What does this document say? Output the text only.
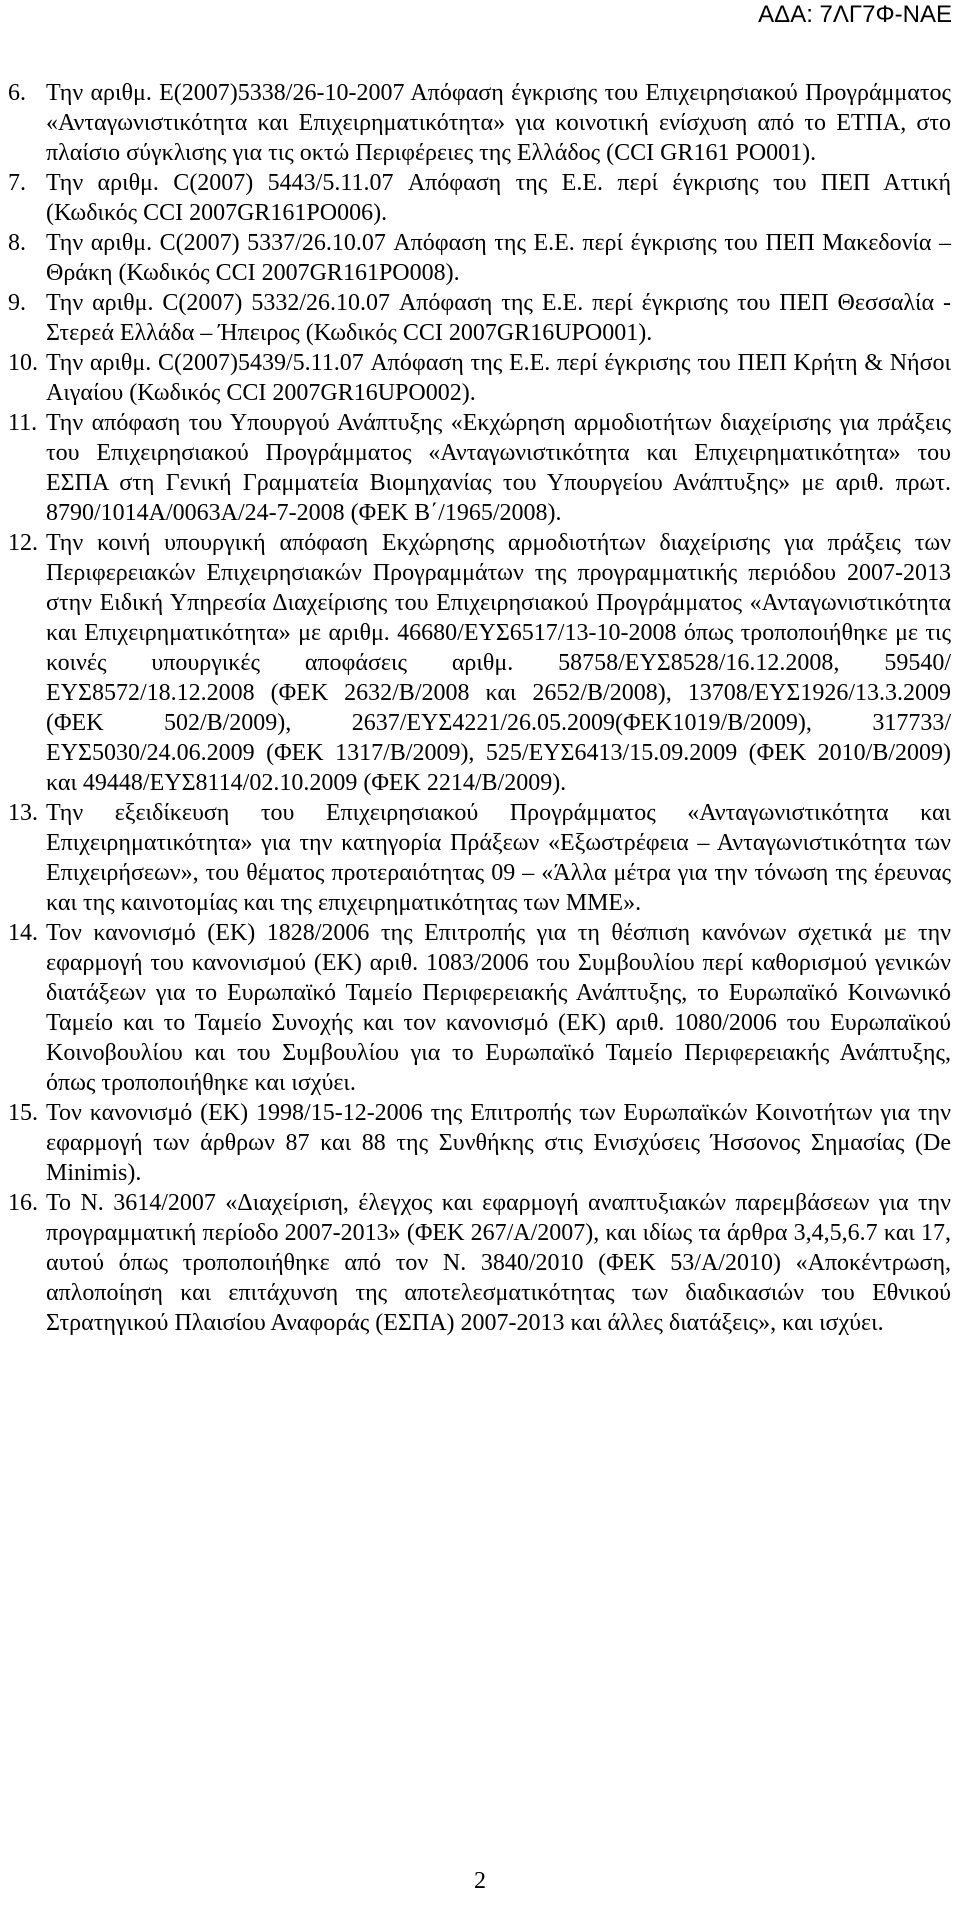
ΑΔΑ: 7ΛΓ7Φ-ΝΑΕ
6. Την αριθμ. Ε(2007)5338/26-10-2007 Απόφαση έγκρισης του Επιχειρησιακού Προγράμματος «Ανταγωνιστικότητα και Επιχειρηματικότητα» για κοινοτική ενίσχυση από το ΕΤΠΑ, στο πλαίσιο σύγκλισης για τις οκτώ Περιφέρειες της Ελλάδος (CCI GR161 PO001).
7. Την αριθμ. C(2007) 5443/5.11.07 Απόφαση της Ε.Ε. περί έγκρισης του ΠΕΠ Αττική (Κωδικός CCI 2007GR161PO006).
8. Την αριθμ. C(2007) 5337/26.10.07 Απόφαση της Ε.Ε. περί έγκρισης του ΠΕΠ Μακεδονία – Θράκη (Κωδικός CCI 2007GR161PO008).
9. Την αριθμ. C(2007) 5332/26.10.07 Απόφαση της Ε.Ε. περί έγκρισης του ΠΕΠ Θεσσαλία - Στερεά Ελλάδα – Ήπειρος (Κωδικός CCI 2007GR16UPO001).
10. Την αριθμ. C(2007)5439/5.11.07 Απόφαση της Ε.Ε. περί έγκρισης του ΠΕΠ Κρήτη & Νήσοι Αιγαίου (Κωδικός CCI 2007GR16UPO002).
11. Την απόφαση του Υπουργού Ανάπτυξης «Εκχώρηση αρμοδιοτήτων διαχείρισης για πράξεις του Επιχειρησιακού Προγράμματος «Ανταγωνιστικότητα και Επιχειρηματικότητα» του ΕΣΠΑ στη Γενική Γραμματεία Βιομηχανίας του Υπουργείου Ανάπτυξης» με αριθ. πρωτ. 8790/1014Α/0063Α/24-7-2008 (ΦΕΚ Β΄/1965/2008).
12. Την κοινή υπουργική απόφαση Εκχώρησης αρμοδιοτήτων διαχείρισης για πράξεις των Περιφερειακών Επιχειρησιακών Προγραμμάτων της προγραμματικής περιόδου 2007-2013 στην Ειδική Υπηρεσία Διαχείρισης του Επιχειρησιακού Προγράμματος «Ανταγωνιστικότητα και Επιχειρηματικότητα» με αριθμ. 46680/ΕΥΣ6517/13-10-2008 όπως τροποποιήθηκε με τις κοινές υπουργικές αποφάσεις αριθμ. 58758/ΕΥΣ8528/16.12.2008, 59540/ΕΥΣ8572/18.12.2008 (ΦΕΚ 2632/Β/2008 και 2652/Β/2008), 13708/ΕΥΣ1926/13.3.2009 (ΦΕΚ 502/Β/2009), 2637/ΕΥΣ4221/26.05.2009(ΦΕΚ1019/Β/2009), 317733/ΕΥΣ5030/24.06.2009 (ΦΕΚ 1317/Β/2009), 525/ΕΥΣ6413/15.09.2009 (ΦΕΚ 2010/Β/2009) και 49448/ΕΥΣ8114/02.10.2009 (ΦΕΚ 2214/Β/2009).
13. Την εξειδίκευση του Επιχειρησιακού Προγράμματος «Ανταγωνιστικότητα και Επιχειρηματικότητα» για την κατηγορία Πράξεων «Εξωστρέφεια – Ανταγωνιστικότητα των Επιχειρήσεων», του θέματος προτεραιότητας 09 – «Άλλα μέτρα για την τόνωση της έρευνας και της καινοτομίας και της επιχειρηματικότητας των ΜΜΕ».
14. Τον κανονισμό (ΕΚ) 1828/2006 της Επιτροπής για τη θέσπιση κανόνων σχετικά με την εφαρμογή του κανονισμού (ΕΚ) αριθ. 1083/2006 του Συμβουλίου περί καθορισμού γενικών διατάξεων για το Ευρωπαϊκό Ταμείο Περιφερειακής Ανάπτυξης, το Ευρωπαϊκό Κοινωνικό Ταμείο και το Ταμείο Συνοχής και τον κανονισμό (ΕΚ) αριθ. 1080/2006 του Ευρωπαϊκού Κοινοβουλίου και του Συμβουλίου για το Ευρωπαϊκό Ταμείο Περιφερειακής Ανάπτυξης, όπως τροποποιήθηκε και ισχύει.
15. Τον κανονισμό (ΕΚ) 1998/15-12-2006 της Επιτροπής των Ευρωπαϊκών Κοινοτήτων για την εφαρμογή των άρθρων 87 και 88 της Συνθήκης στις Ενισχύσεις Ήσσονος Σημασίας (De Minimis).
16. Το Ν. 3614/2007 «Διαχείριση, έλεγχος και εφαρμογή αναπτυξιακών παρεμβάσεων για την προγραμματική περίοδο 2007-2013» (ΦΕΚ 267/Α/2007), και ιδίως τα άρθρα 3,4,5,6.7 και 17, αυτού όπως τροποποιήθηκε από τον Ν. 3840/2010 (ΦΕΚ 53/Α/2010) «Αποκέντρωση, απλοποίηση και επιτάχυνση της αποτελεσματικότητας των διαδικασιών του Εθνικού Στρατηγικού Πλαισίου Αναφοράς (ΕΣΠΑ) 2007-2013 και άλλες διατάξεις», και ισχύει.
2
